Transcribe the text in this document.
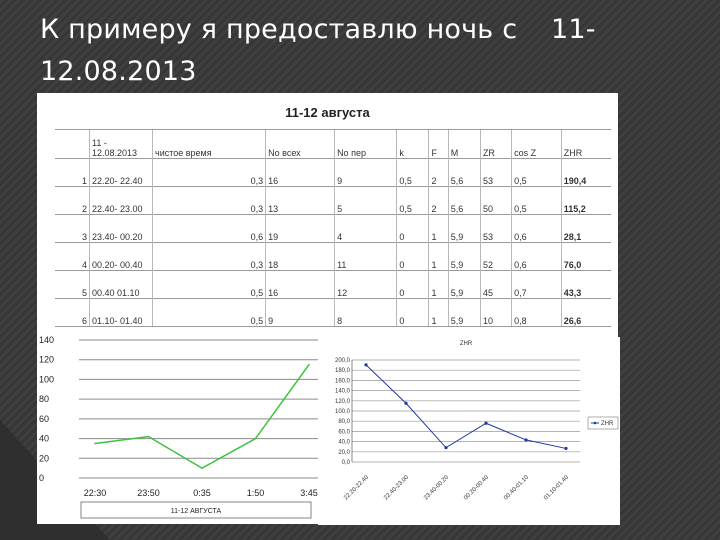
К примеру я предоставлю ночь с 11-
12.08.2013
11-12 августа
	11 - 12.08.2013	чистое время	Nо всех	Nо пер	k	F	M	ZR	cos Z	ZHR
1	22.20- 22.40	0,3	16	9	0,5	2	5,6	53	0,5	190,4
2	22.40- 23.00	0,3	13	5	0,5	2	5,6	50	0,5	115,2
3	23.40- 00.20	0,6	19	4	0	1	5,9	53	0,6	28,1
4	00.20- 00.40	0,3	18	11	0	1	5,9	52	0,6	76,0
5	00.40 01.10	0,5	16	12	0	1	5,9	45	0,7	43,3
6	01.10- 01.40	0,5	9	8	0	1	5,9	10	0,8	26,6
0
20
40
60
80
100
120
140
22:30	23:50	0:35	1:50	3:45
11-12 АВГУСТА
ZHR
0,0
20,0
40,0
60,0
80,0
100,0
120,0
140,0
160,0
180,0
200,0
22.20-22.40 22.40-23.00 23.40-00.20 00.20-00.40 00.40-01.10 01.10-01.40
ZHR
